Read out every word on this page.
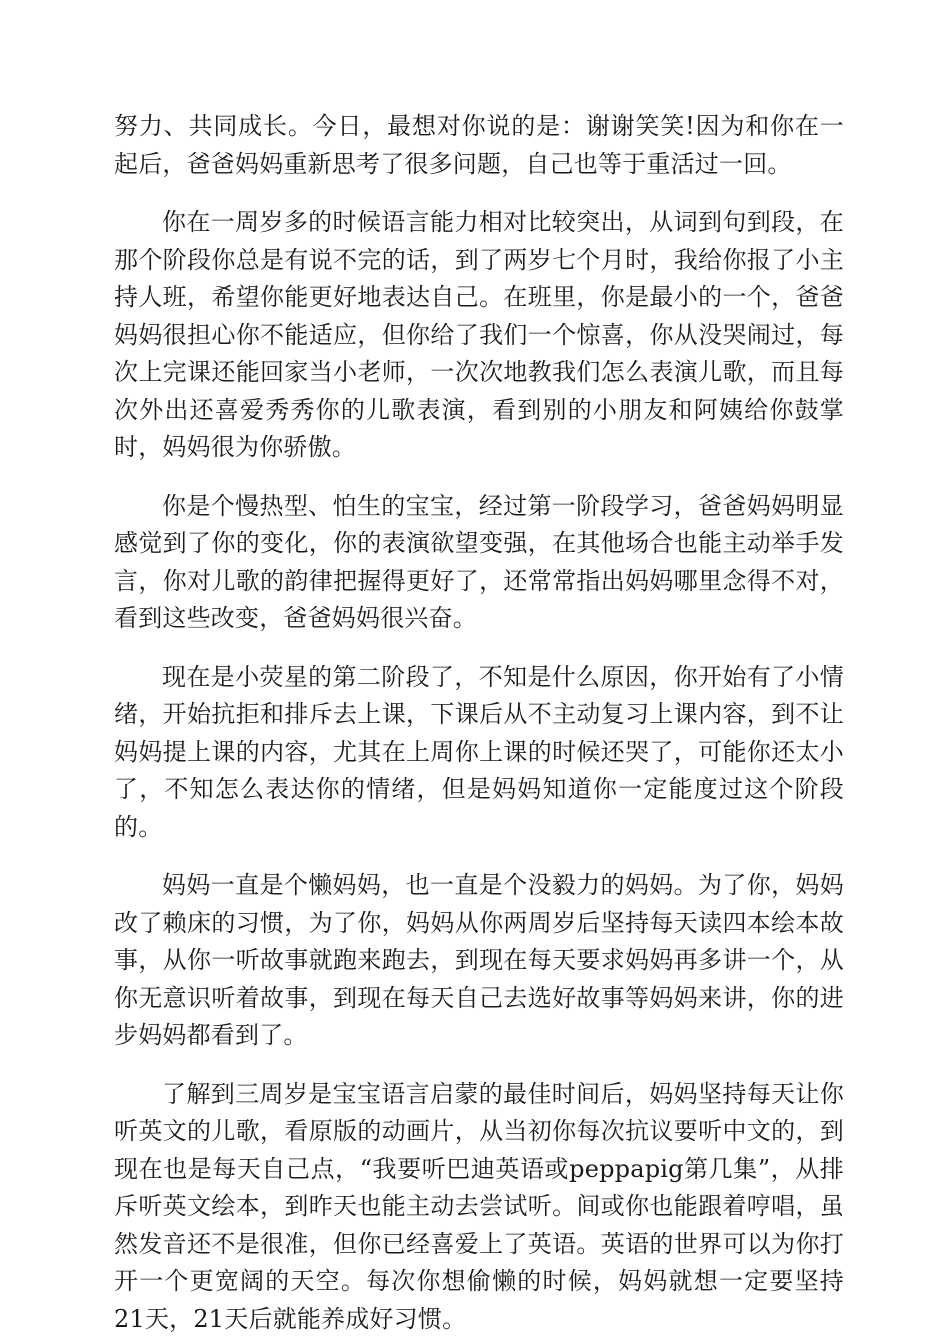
努力、共同成长。今日，最想对你说的是：谢谢笑笑!因为和你在一起后，爸爸妈妈重新思考了很多问题，自己也等于重活过一回。

你在一周岁多的时候语言能力相对比较突出，从词到句到段，在那个阶段你总是有说不完的话，到了两岁七个月时，我给你报了小主持人班，希望你能更好地表达自己。在班里，你是最小的一个，爸爸妈妈很担心你不能适应，但你给了我们一个惊喜，你从没哭闹过，每次上完课还能回家当小老师，一次次地教我们怎么表演儿歌，而且每次外出还喜爱秀秀你的儿歌表演，看到别的小朋友和阿姨给你鼓掌时，妈妈很为你骄傲。

你是个慢热型、怕生的宝宝，经过第一阶段学习，爸爸妈妈明显感觉到了你的变化，你的表演欲望变强，在其他场合也能主动举手发言，你对儿歌的韵律把握得更好了，还常常指出妈妈哪里念得不对，看到这些改变，爸爸妈妈很兴奋。

现在是小荧星的第二阶段了，不知是什么原因，你开始有了小情绪，开始抗拒和排斥去上课，下课后从不主动复习上课内容，到不让妈妈提上课的内容，尤其在上周你上课的时候还哭了，可能你还太小了，不知怎么表达你的情绪，但是妈妈知道你一定能度过这个阶段的。

妈妈一直是个懒妈妈，也一直是个没毅力的妈妈。为了你，妈妈改了赖床的习惯，为了你，妈妈从你两周岁后坚持每天读四本绘本故事，从你一听故事就跑来跑去，到现在每天要求妈妈再多讲一个，从你无意识听着故事，到现在每天自己去选好故事等妈妈来讲，你的进步妈妈都看到了。

了解到三周岁是宝宝语言启蒙的最佳时间后，妈妈坚持每天让你听英文的儿歌，看原版的动画片，从当初你每次抗议要听中文的，到现在也是每天自己点，“我要听巴迪英语或peppapig第几集”，从排斥听英文绘本，到昨天也能主动去尝试听。间或你也能跟着哼唱，虽然发音还不是很准，但你已经喜爱上了英语。英语的世界可以为你打开一个更宽阔的天空。每次你想偷懒的时候，妈妈就想一定要坚持21天，21天后就能养成好习惯。
